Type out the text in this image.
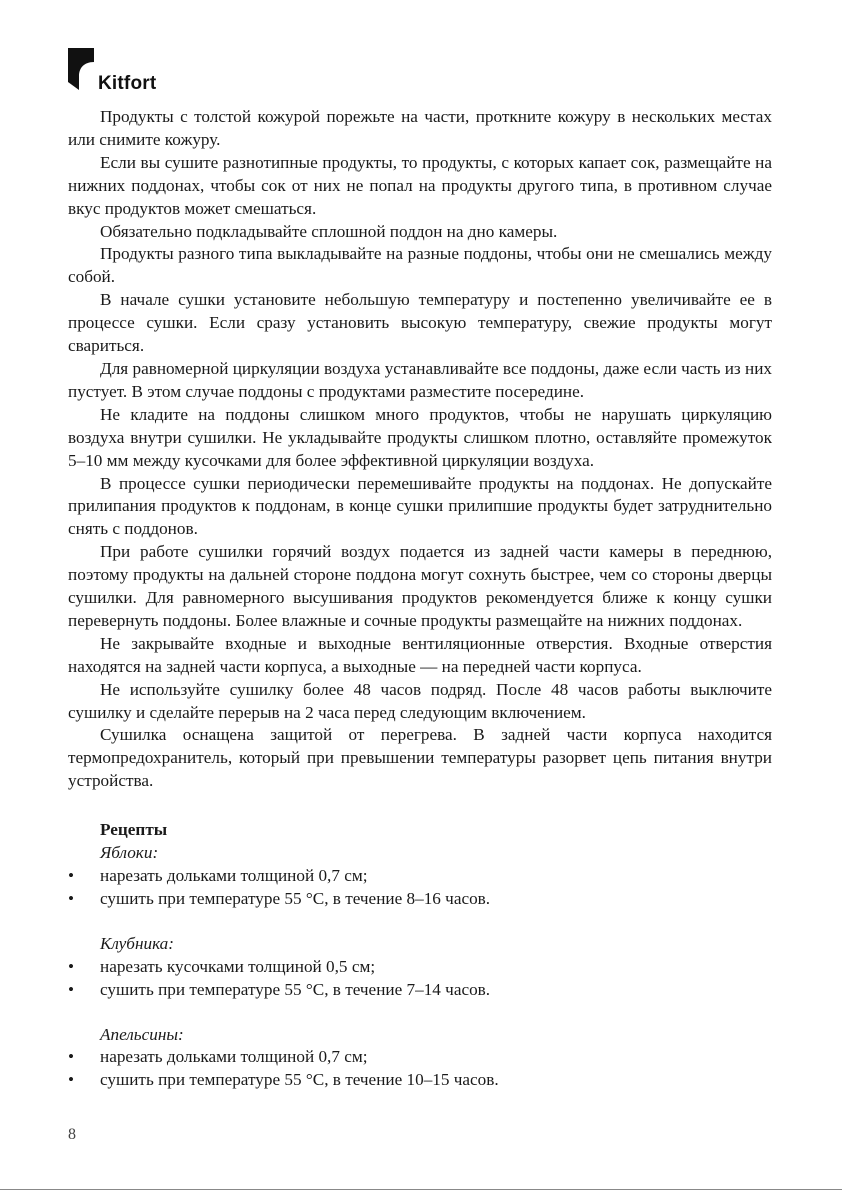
Kitfort

Продукты с толстой кожурой порежьте на части, проткните кожуру в нескольких местах или снимите кожуру.

Если вы сушите разнотипные продукты, то продукты, с которых капает сок, размещайте на нижних поддонах, чтобы сок от них не попал на продукты другого типа, в противном случае вкус продуктов может смешаться.

Обязательно подкладывайте сплошной поддон на дно камеры.

Продукты разного типа выкладывайте на разные поддоны, чтобы они не смешались между собой.

В начале сушки установите небольшую температуру и постепенно увеличивайте ее в процессе сушки. Если сразу установить высокую температуру, свежие продукты могут свариться.

Для равномерной циркуляции воздуха устанавливайте все поддоны, даже если часть из них пустует. В этом случае поддоны с продуктами разместите посередине.

Не кладите на поддоны слишком много продуктов, чтобы не нарушать циркуляцию воздуха внутри сушилки. Не укладывайте продукты слишком плотно, оставляйте промежуток 5–10 мм между кусочками для более эффективной циркуляции воздуха.

В процессе сушки периодически перемешивайте продукты на поддонах. Не допускайте прилипания продуктов к поддонам, в конце сушки прилипшие продукты будет затруднительно снять с поддонов.

При работе сушилки горячий воздух подается из задней части камеры в переднюю, поэтому продукты на дальней стороне поддона могут сохнуть быстрее, чем со стороны дверцы сушилки. Для равномерного высушивания продуктов рекомендуется ближе к концу сушки перевернуть поддоны. Более влажные и сочные продукты размещайте на нижних поддонах.

Не закрывайте входные и выходные вентиляционные отверстия. Входные отверстия находятся на задней части корпуса, а выходные — на передней части корпуса.

Не используйте сушилку более 48 часов подряд. После 48 часов работы выключите сушилку и сделайте перерыв на 2 часа перед следующим включением.

Сушилка оснащена защитой от перегрева. В задней части корпуса находится термопредохранитель, который при превышении температуры разорвет цепь питания внутри устройства.

Рецепты
Яблоки:
•	нарезать дольками толщиной 0,7 см;
•	сушить при температуре 55 °C, в течение 8–16 часов.
Клубника:
•	нарезать кусочками толщиной 0,5 см;
•	сушить при температуре 55 °C, в течение 7–14 часов.
Апельсины:
•	нарезать дольками толщиной 0,7 см;
•	сушить при температуре 55 °C, в течение 10–15 часов.
8
